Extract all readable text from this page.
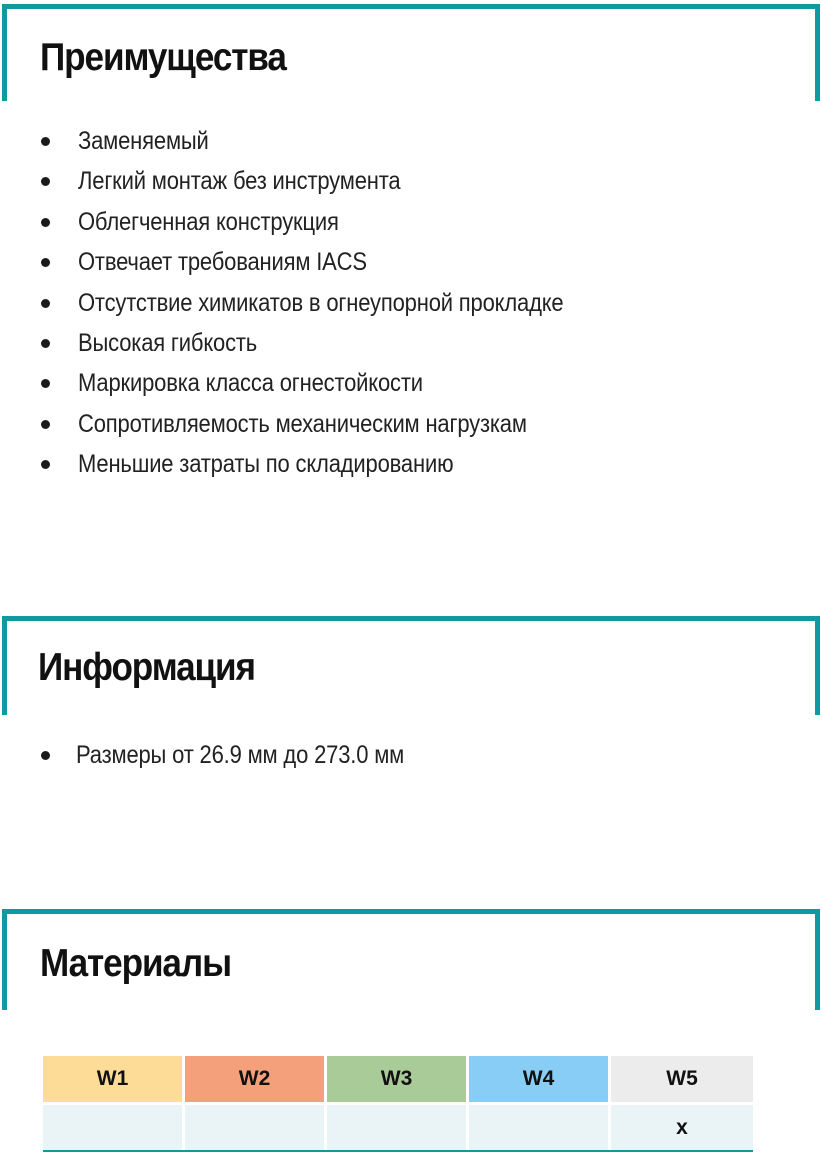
Преимущества
Заменяемый
Легкий монтаж без инструмента
Облегченная конструкция
Отвечает требованиям IACS
Отсутствие химикатов в огнеупорной прокладке
Высокая гибкость
Маркировка класса огнестойкости
Сопротивляемость механическим нагрузкам
Меньшие затраты по складированию
Информация
Размеры от 26.9 мм до 273.0 мм
Материалы
W1	W2	W3	W4	W5
				x
